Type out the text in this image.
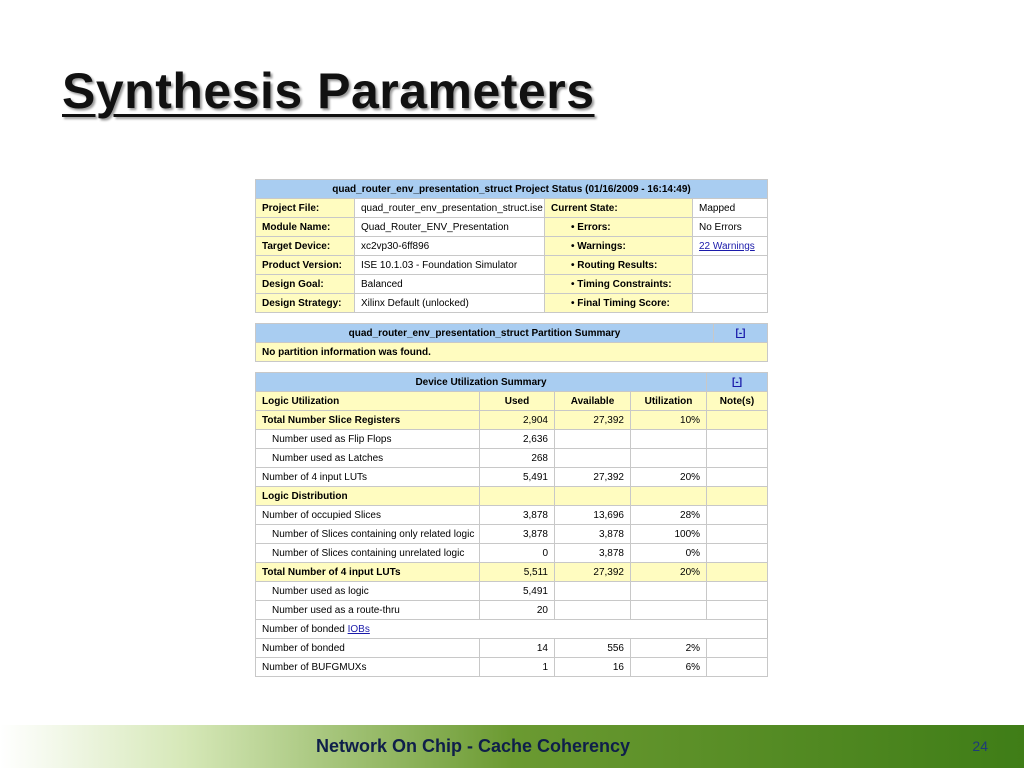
Synthesis Parameters
quad_router_env_presentation_struct Project Status (01/16/2009 - 16:14:49)			
Project File:	quad_router_env_presentation_struct.ise	Current State:	Mapped
Module Name:	Quad_Router_ENV_Presentation	• Errors:	No Errors
Target Device:	xc2vp30-6ff896	• Warnings:	22 Warnings
Product Version:	ISE 10.1.03 - Foundation Simulator	• Routing Results:	
Design Goal:	Balanced	• Timing Constraints:	
Design Strategy:	Xilinx Default (unlocked)	• Final Timing Score:	
quad_router_env_presentation_struct Partition Summary	[-]
No partition information was found.
Device Utilization Summary				[-]
Logic Utilization	Used	Available	Utilization	Note(s)
Total Number Slice Registers	2,904	27,392	10%	
Number used as Flip Flops	2,636			
Number used as Latches	268			
Number of 4 input LUTs	5,491	27,392	20%	
Logic Distribution				
Number of occupied Slices	3,878	13,696	28%	
Number of Slices containing only related logic	3,878	3,878	100%	
Number of Slices containing unrelated logic	0	3,878	0%	
Total Number of 4 input LUTs	5,511	27,392	20%	
Number used as logic	5,491			
Number used as a route-thru	20			
Number of bonded IOBs				
Number of bonded	14	556	2%	
Number of BUFGMUXs	1	16	6%	
Network On Chip - Cache Coherency	24
